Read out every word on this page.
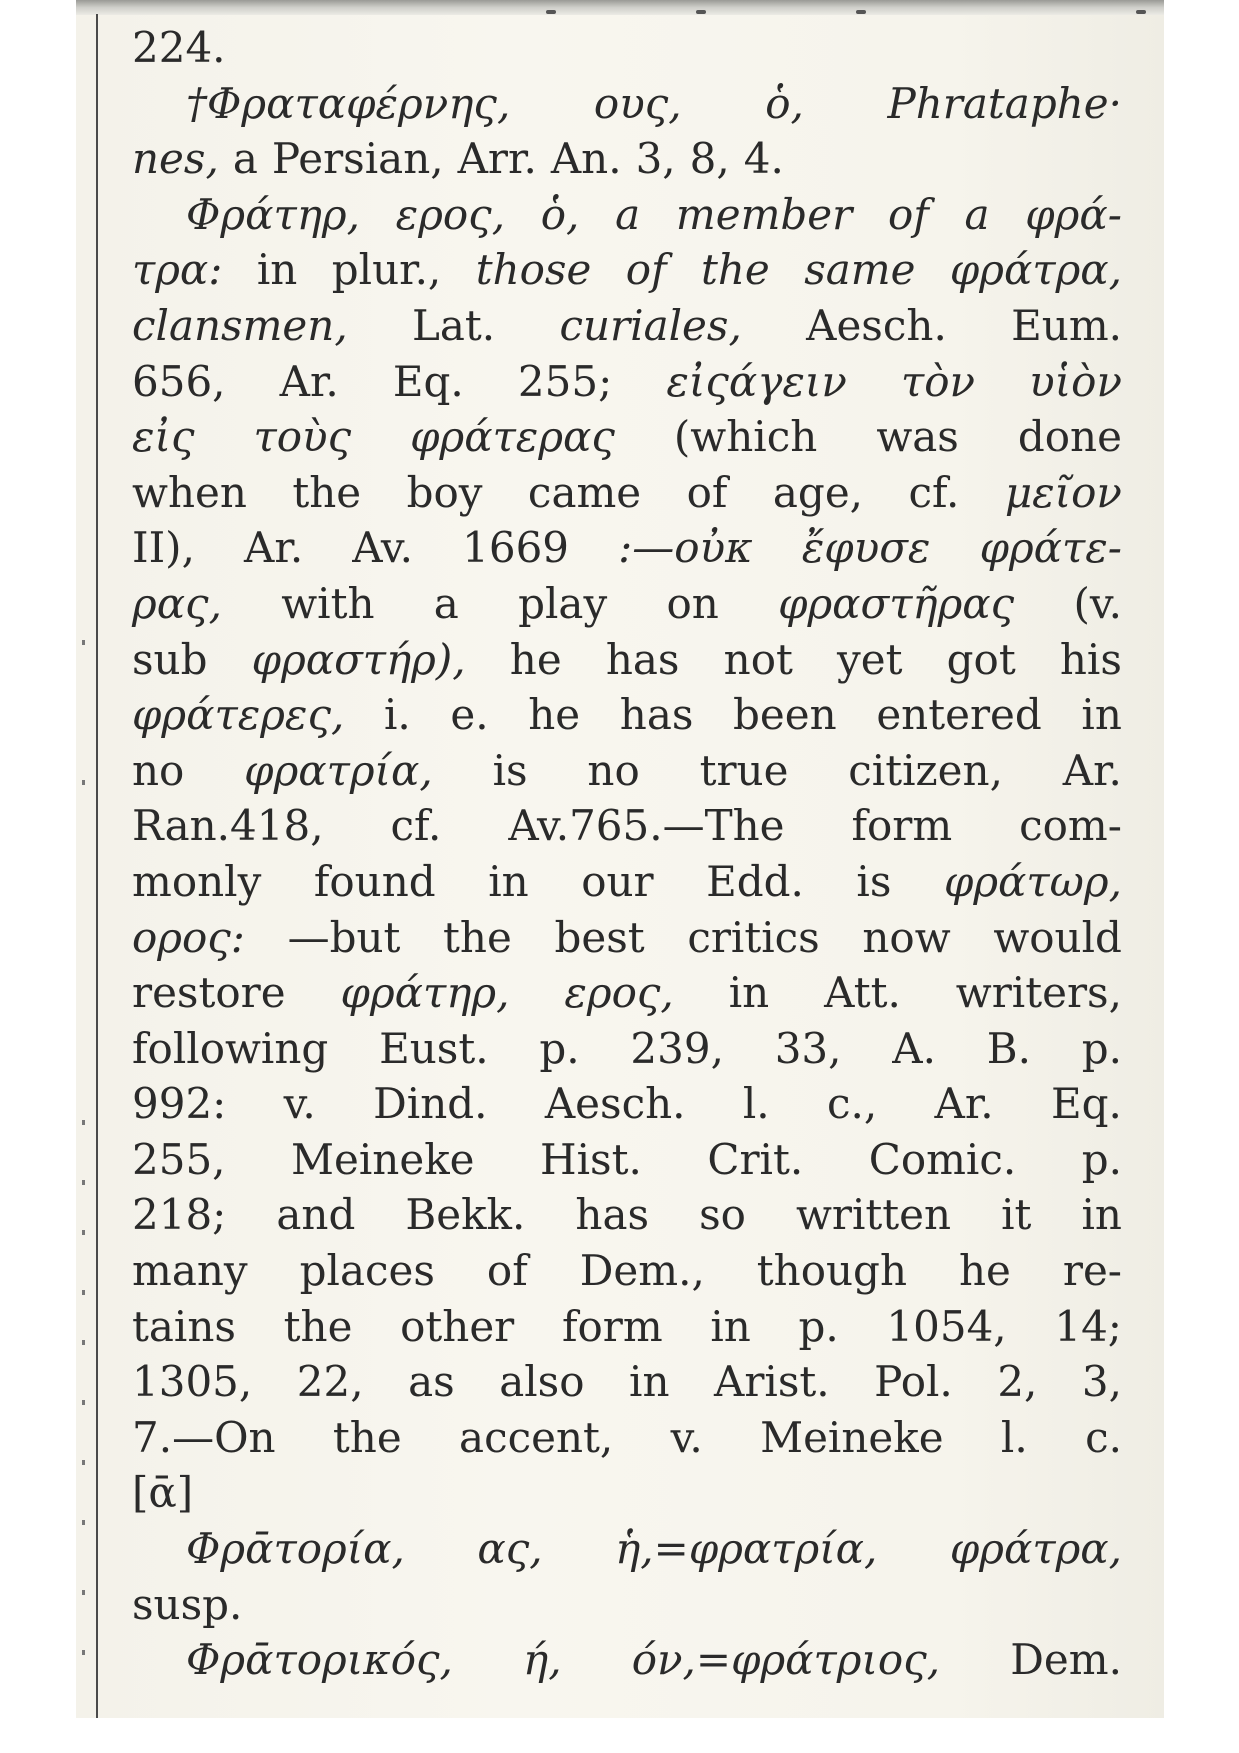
224.
†Φραταφέρνης, ους, ὁ, Phrataphe·
nes, a Persian, Arr. An. 3, 8, 4.
Φράτηρ, ερος, ὁ, a member of a φρά-
τρα: in plur., those of the same φράτρα,
clansmen, Lat. curiales, Aesch. Eum.
656, Ar. Eq. 255; εἰςάγειν τὸν υἱὸν
εἰς τοὺς φράτερας (which was done
when the boy came of age, cf. μεῖον
II), Ar. Av. 1669 :—οὐκ ἔφυσε φράτε-
ρας, with a play on φραστῆρας (v.
sub φραστήρ), he has not yet got his
φράτερες, i. e. he has been entered in
no φρατρία, is no true citizen, Ar.
Ran.418, cf. Av.765.—The form com-
monly found in our Edd. is φράτωρ,
ορος: —but the best critics now would
restore φράτηρ, ερος, in Att. writers,
following Eust. p. 239, 33, A. B. p.
992: v. Dind. Aesch. l. c., Ar. Eq.
255, Meineke Hist. Crit. Comic. p.
218; and Bekk. has so written it in
many places of Dem., though he re-
tains the other form in p. 1054, 14;
1305, 22, as also in Arist. Pol. 2, 3,
7.—On the accent, v. Meineke l. c.
[ᾱ]
Φρᾱτορία, ας, ἡ,=φρατρία, φράτρα,
susp.
Φρᾱτορικός, ή, όν,=φράτριος, Dem.
